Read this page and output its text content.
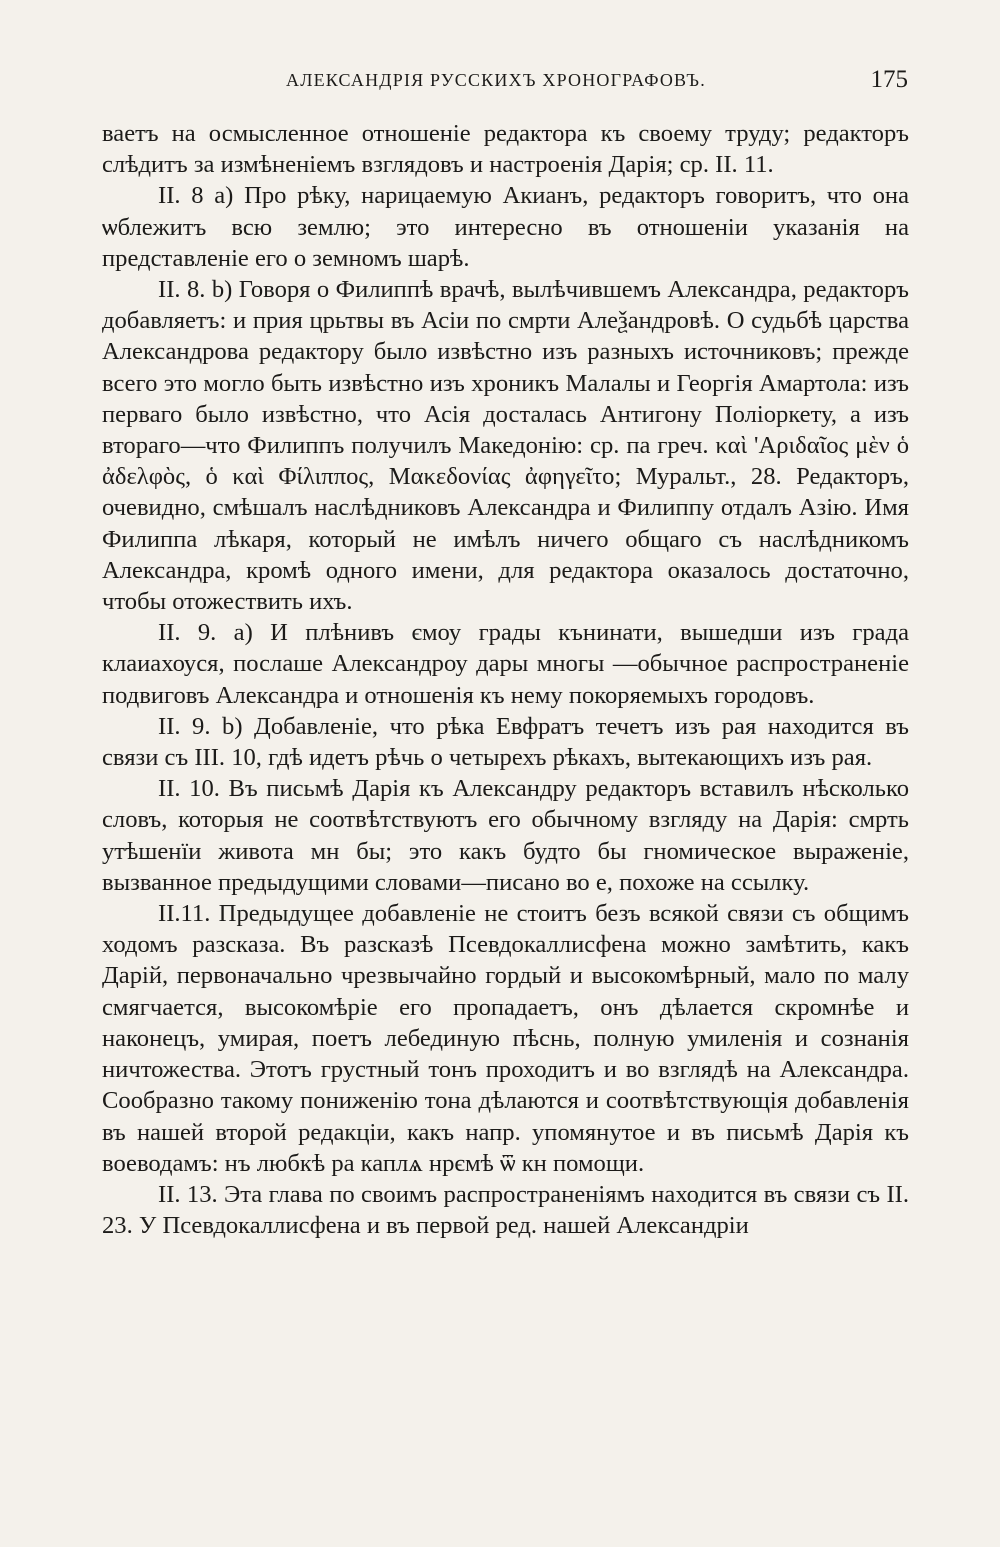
АЛЕКСАНДРІЯ РУССКИХЪ ХРОНОГРАФОВЪ.	175

ваетъ на осмысленное отношеніе редактора къ своему труду; редакторъ слѣдитъ за измѣненіемъ взглядовъ и настроенія Дарія; ср. II. 11.

II. 8 a) Про рѣку, нарицаемую Акианъ, редакторъ говоритъ, что она ѡблежитъ всю землю; это интересно въ отношеніи указанія на представленіе его о земномъ шарѣ.

II. 8. b) Говоря о Филиппѣ врачѣ, вылѣчившемъ Александра, редакторъ добавляетъ: и прия црьтвы въ Асіи по смрти Алеѯандровѣ. О судьбѣ царства Александрова редактору было извѣстно изъ разныхъ источниковъ; прежде всего это могло быть извѣстно изъ хроникъ Малалы и Георгія Амартола: изъ перваго было извѣстно, что Асія досталась Антигону Поліоркету, а изъ втораго—что Филиппъ получилъ Македонію: ср. па греч. καὶ 'Αριδαῖος μὲν ὁ ἀδελφὸς, ὁ καὶ Φίλιππος, Μακεδονίας ἀφηγεῖτο; Муральт., 28. Редакторъ, очевидно, смѣшалъ наслѣдниковъ Александра и Филиппу отдалъ Азію. Имя Филиппа лѣкаря, который не имѣлъ ничего общаго съ наслѣдникомъ Александра, кромѣ одного имени, для редактора оказалось достаточно, чтобы отожествить ихъ.

II. 9. a) И плѣнивъ ємоу грады кънинати, вышедши изъ града клаиахоуся, послаше Александроу дары многы —обычное распространеніе подвиговъ Александра и отношенія къ нему покоряемыхъ городовъ.

II. 9. b) Добавленіе, что рѣка Евфратъ течетъ изъ рая находится въ связи съ III. 10, гдѣ идетъ рѣчь о четырехъ рѣкахъ, вытекающихъ изъ рая.

II. 10. Въ письмѣ Дарія къ Александру редакторъ вставилъ нѣсколько словъ, которыя не соотвѣтствуютъ его обычному взгляду на Дарія: смрть утѣшенїи живота мн бы; это какъ будто бы гномическое выраженіе, вызванное предыдущими словами—писано во е, похоже на ссылку.

II.11. Предыдущее добавленіе не стоитъ безъ всякой связи съ общимъ ходомъ разсказа. Въ разсказѣ Псевдокаллисфена можно замѣтить, какъ Дарій, первоначально чрезвычайно гордый и высокомѣрный, мало по малу смягчается, высокомѣріе его пропадаетъ, онъ дѣлается скромнѣе и наконецъ, умирая, поетъ лебединую пѣснь, полную умиленія и сознанія ничтожества. Этотъ грустный тонъ проходитъ и во взглядѣ на Александра. Сообразно такому пониженію тона дѣлаются и соотвѣтствующія добавленія въ нашей второй редакціи, какъ напр. упомянутое и въ письмѣ Дарія къ воеводамъ: нъ любкѣ ра каплѧ нрємѣ ѿ кн помощи.

II. 13. Эта глава по своимъ распространеніямъ находится въ связи съ II. 23. У Псевдокаллисфена и въ первой ред. нашей Александріи
